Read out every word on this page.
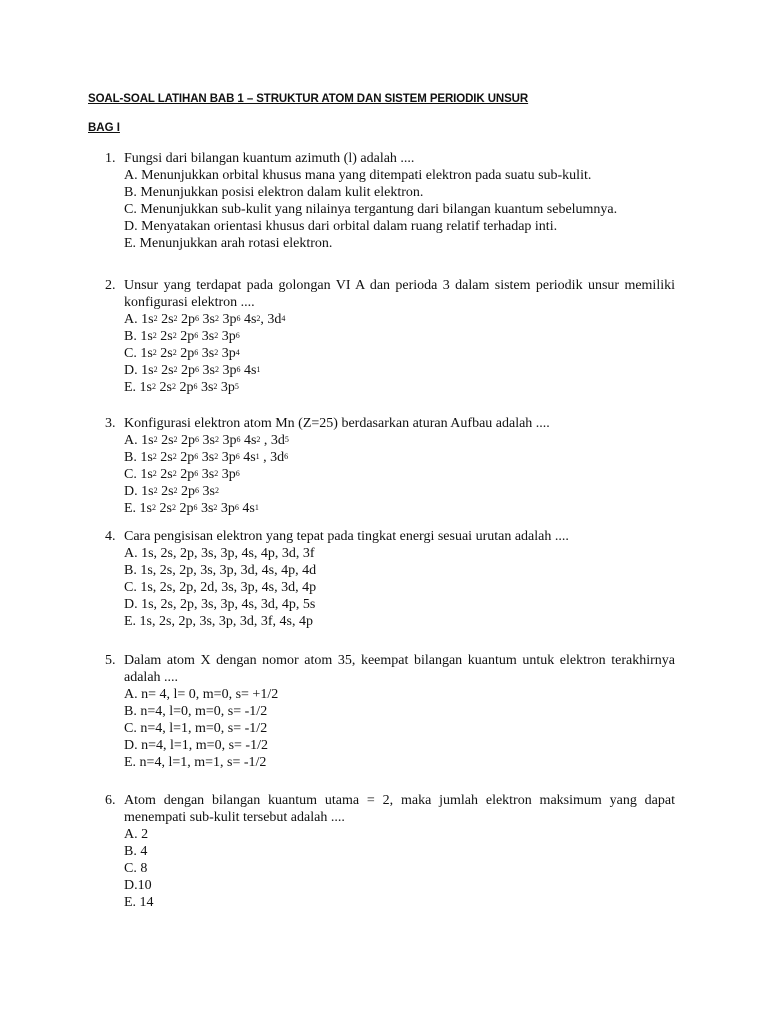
SOAL-SOAL LATIHAN BAB 1 – STRUKTUR ATOM DAN SISTEM PERIODIK UNSUR
BAG I
1. Fungsi dari bilangan kuantum azimuth (l) adalah ....
A. Menunjukkan orbital khusus mana yang ditempati elektron pada suatu sub-kulit.
B. Menunjukkan posisi elektron dalam kulit elektron.
C. Menunjukkan sub-kulit yang nilainya tergantung dari bilangan kuantum sebelumnya.
D. Menyatakan orientasi khusus dari orbital dalam ruang relatif terhadap inti.
E. Menunjukkan arah rotasi elektron.
2. Unsur yang terdapat pada golongan VI A dan perioda 3 dalam sistem periodik unsur memiliki konfigurasi elektron ....
A. $1s^2$ $2s^2$ $2p^6$ $3s^2$ $3p^6$ $4s^2$, $3d^4$
B. $1s^2$ $2s^2$ $2p^6$ $3s^2$ $3p^6$
C. $1s^2$ $2s^2$ $2p^6$ $3s^2$ $3p^4$
D. $1s^2$ $2s^2$ $2p^6$ $3s^2$ $3p^6$ $4s^1$
E. $1s^2$ $2s^2$ $2p^6$ $3s^2$ $3p^5$
3. Konfigurasi elektron atom Mn (Z=25) berdasarkan aturan Aufbau adalah ....
A. $1s^2$ $2s^2$ $2p^6$ $3s^2$ $3p^6$ $4s^2$ , $3d^5$
B. $1s^2$ $2s^2$ $2p^6$ $3s^2$ $3p^6$ $4s^1$ , $3d^6$
C. $1s^2$ $2s^2$ $2p^6$ $3s^2$ $3p^6$
D. $1s^2$ $2s^2$ $2p^6$ $3s^2$
E. $1s^2$ $2s^2$ $2p^6$ $3s^2$ $3p^6$ $4s^1$
4. Cara pengisisan elektron yang tepat pada tingkat energi sesuai urutan adalah ....
A. 1s, 2s, 2p, 3s, 3p, 4s, 4p, 3d, 3f
B. 1s, 2s, 2p, 3s, 3p, 3d, 4s, 4p, 4d
C. 1s, 2s, 2p, 2d, 3s, 3p, 4s, 3d, 4p
D. 1s, 2s, 2p, 3s, 3p, 4s, 3d, 4p, 5s
E. 1s, 2s, 2p, 3s, 3p, 3d, 3f, 4s, 4p
5. Dalam atom X dengan nomor atom 35, keempat bilangan kuantum untuk elektron terakhirnya adalah ....
A. n= 4, l= 0, m=0, s= +1/2
B. n=4, l=0, m=0, s= -1/2
C. n=4, l=1, m=0, s= -1/2
D. n=4, l=1, m=0, s= -1/2
E. n=4, l=1, m=1, s= -1/2
6. Atom dengan bilangan kuantum utama = 2, maka jumlah elektron maksimum yang dapat menempati sub-kulit tersebut adalah ....
A. 2
B. 4
C. 8
D.10
E. 14
